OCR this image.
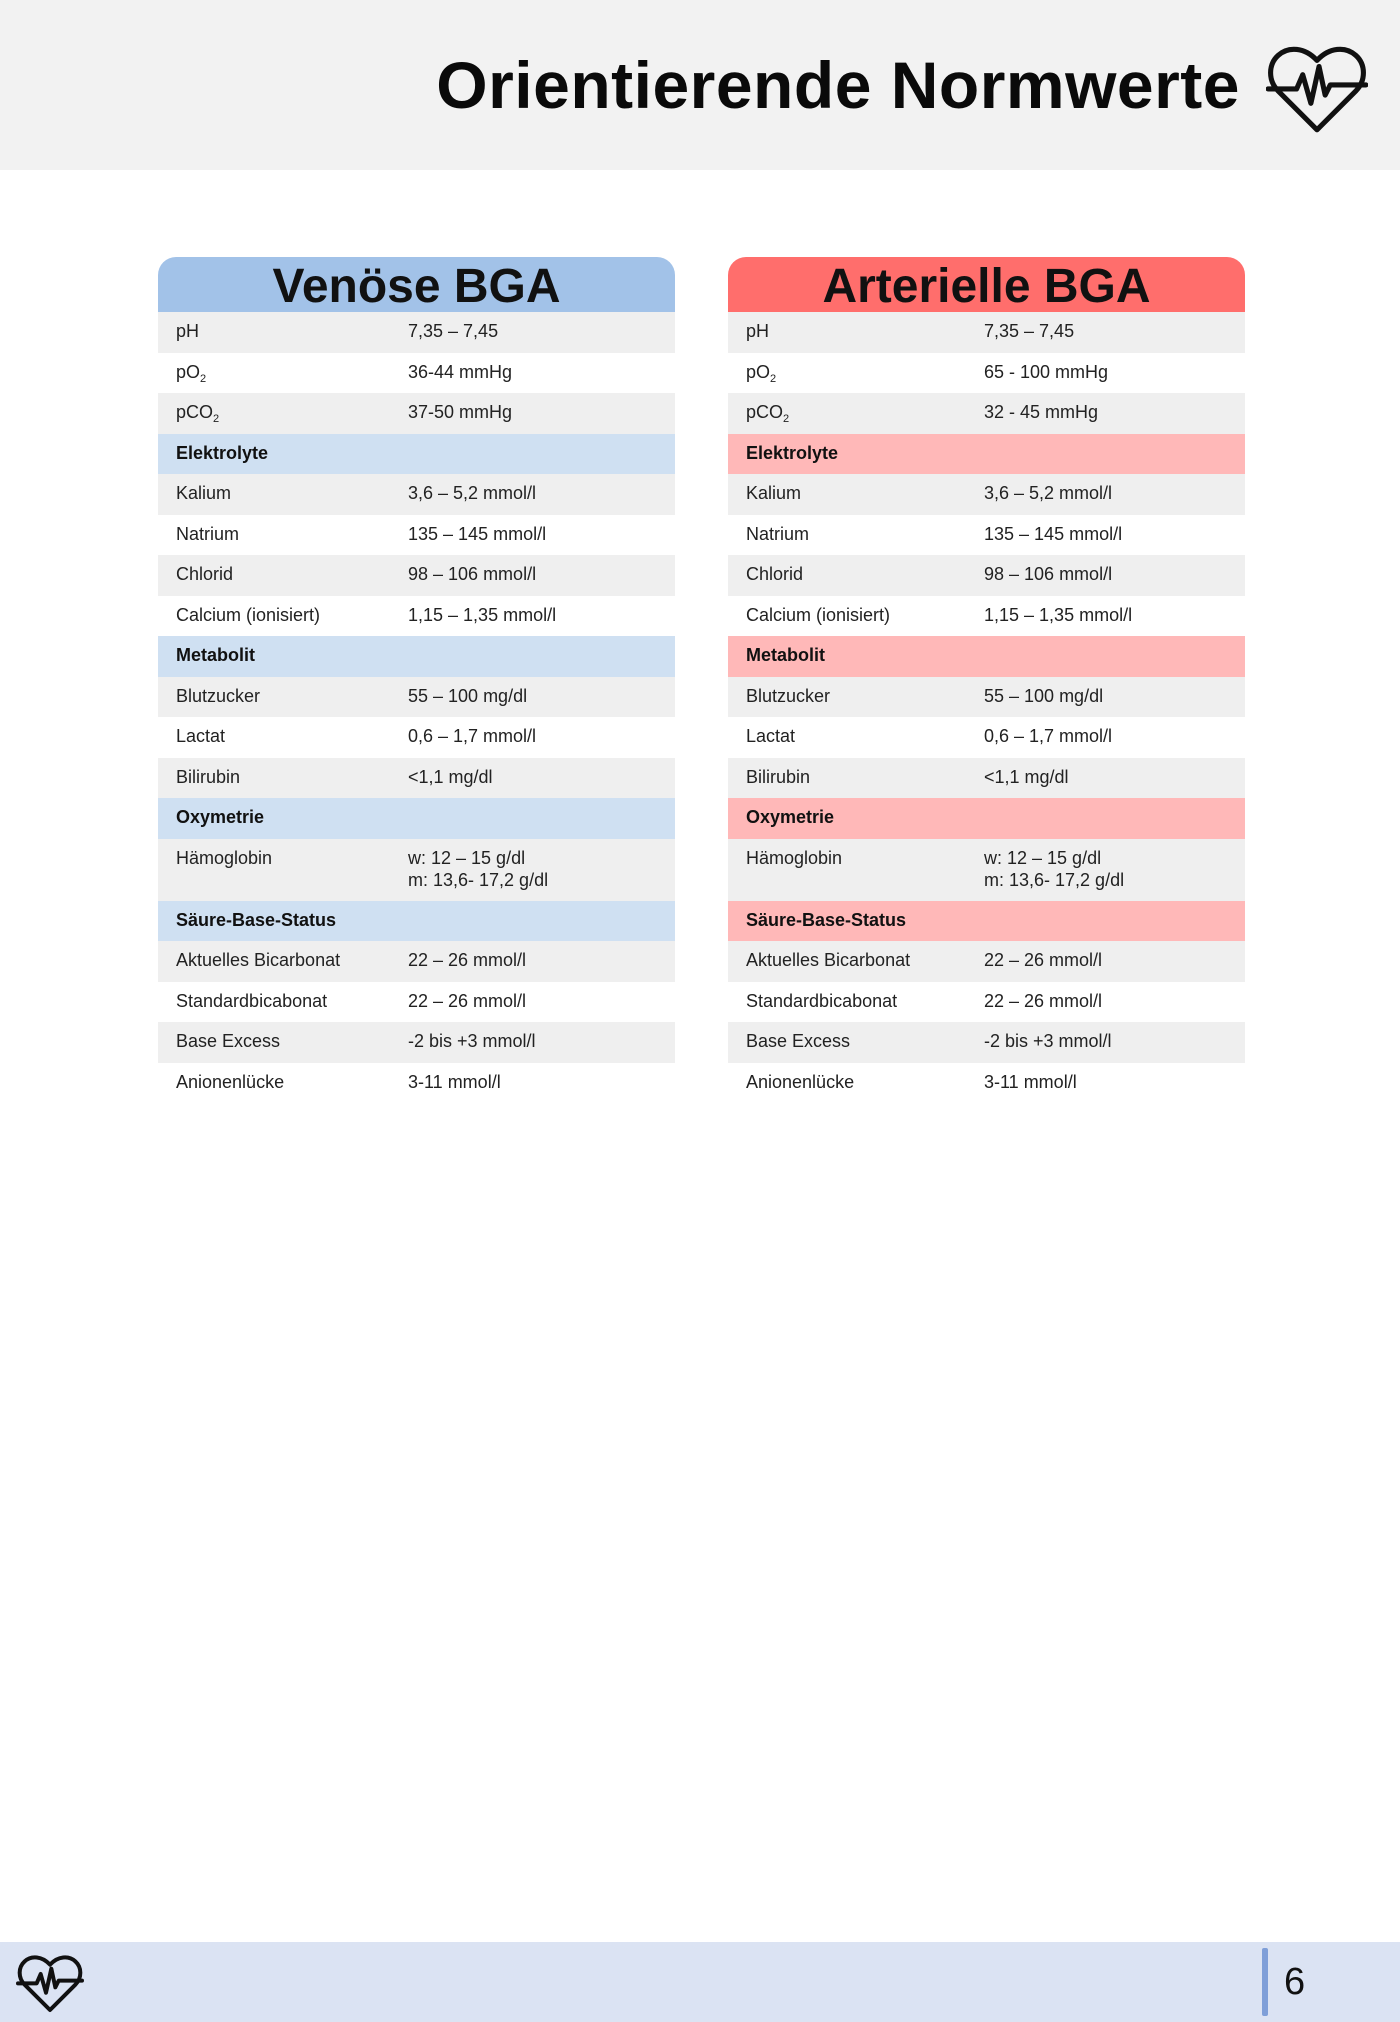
Orientierende Normwerte
Venöse BGA
pH	7,35 – 7,45
$pO_2$	36-44 mmHg
pCO$_2$	37-50 mmHg
Elektrolyte
Kalium	3,6 – 5,2 mmol/l
Natrium	135 – 145 mmol/l
Chlorid	98 – 106 mmol/l
Calcium (ionisiert)	1,15 – 1,35 mmol/l
Metabolit
Blutzucker	55 – 100 mg/dl
Lactat	0,6 – 1,7 mmol/l
Bilirubin	<1,1 mg/dl
Oxymetrie
Hämoglobin	w: 12 – 15 g/dl
m: 13,6- 17,2 g/dl
Säure-Base-Status
Aktuelles Bicarbonat	22 – 26 mmol/l
Standardbicabonat	22 – 26 mmol/l
Base Excess	-2 bis +3 mmol/l
Anionenlücke	3-11 mmol/l
Arterielle BGA
pH	7,35 – 7,45
$pO_2$	65 - 100 mmHg
pCO$_2$	32 - 45 mmHg
Elektrolyte
Kalium	3,6 – 5,2 mmol/l
Natrium	135 – 145 mmol/l
Chlorid	98 – 106 mmol/l
Calcium (ionisiert)	1,15 – 1,35 mmol/l
Metabolit
Blutzucker	55 – 100 mg/dl
Lactat	0,6 – 1,7 mmol/l
Bilirubin	<1,1 mg/dl
Oxymetrie
Hämoglobin	w: 12 – 15 g/dl
m: 13,6- 17,2 g/dl
Säure-Base-Status
Aktuelles Bicarbonat	22 – 26 mmol/l
Standardbicabonat	22 – 26 mmol/l
Base Excess	-2 bis +3 mmol/l
Anionenlücke	3-11 mmol/l
6
